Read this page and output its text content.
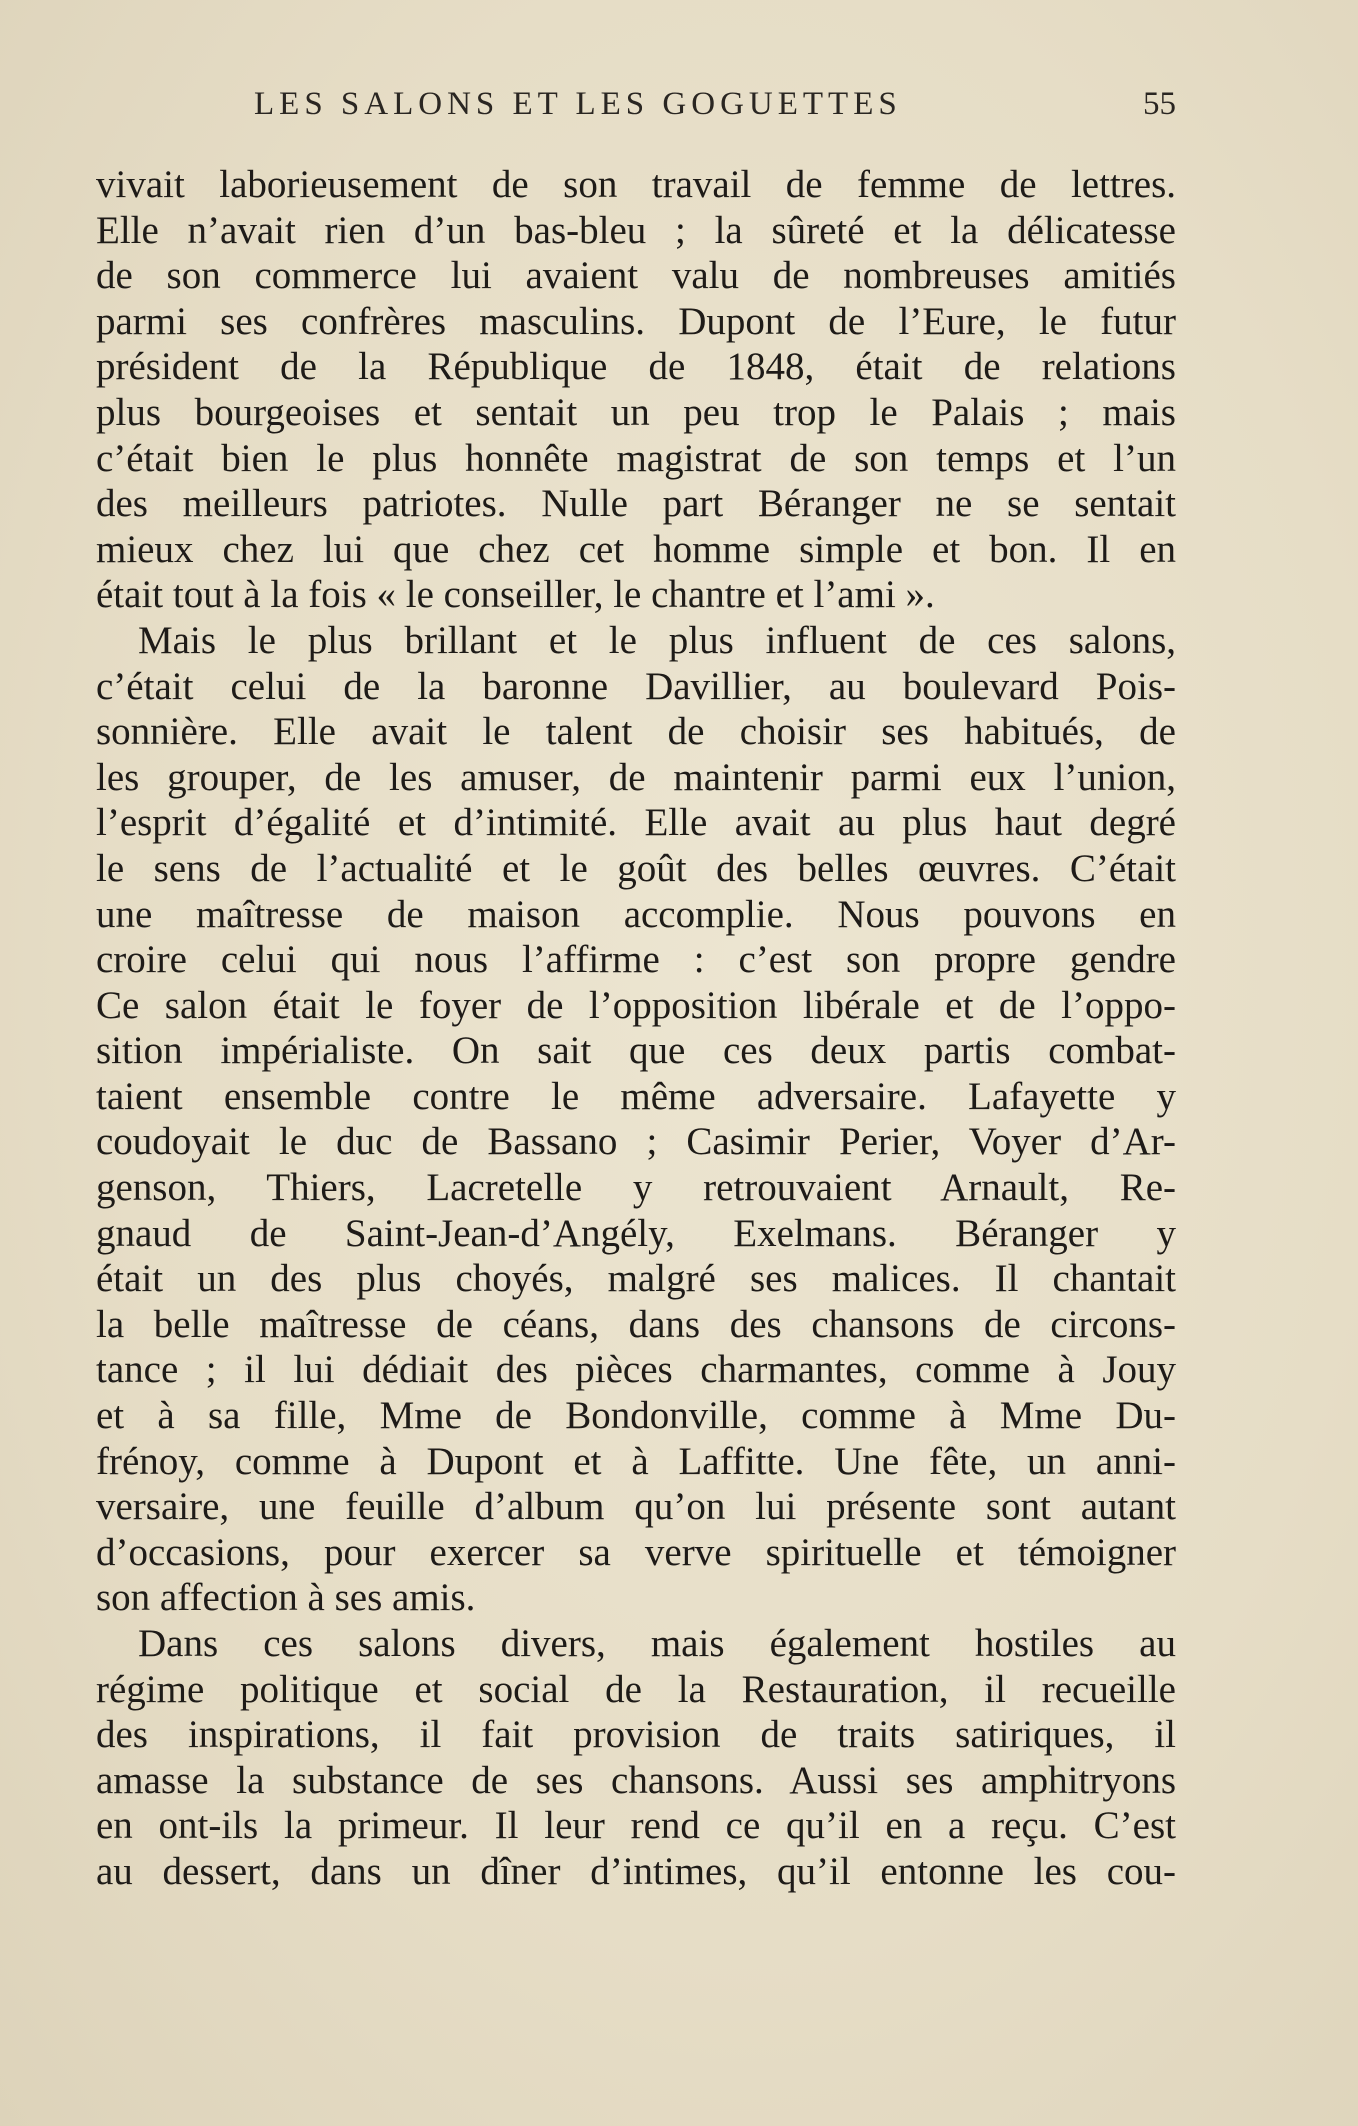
LES SALONS ET LES GOGUETTES	55
vivait laborieusement de son travail de femme de lettres.
Elle n’avait rien d’un bas-bleu ; la sûreté et la délicatesse
de son commerce lui avaient valu de nombreuses amitiés
parmi ses confrères masculins. Dupont de l’Eure, le futur
président de la République de 1848, était de relations
plus bourgeoises et sentait un peu trop le Palais ; mais
c’était bien le plus honnête magistrat de son temps et l’un
des meilleurs patriotes. Nulle part Béranger ne se sentait
mieux chez lui que chez cet homme simple et bon. Il en
était tout à la fois « le conseiller, le chantre et l’ami ».
Mais le plus brillant et le plus influent de ces salons,
c’était celui de la baronne Davillier, au boulevard Pois-
sonnière. Elle avait le talent de choisir ses habitués, de
les grouper, de les amuser, de maintenir parmi eux l’union,
l’esprit d’égalité et d’intimité. Elle avait au plus haut degré
le sens de l’actualité et le goût des belles œuvres. C’était
une maîtresse de maison accomplie. Nous pouvons en
croire celui qui nous l’affirme : c’est son propre gendre
Ce salon était le foyer de l’opposition libérale et de l’oppo-
sition impérialiste. On sait que ces deux partis combat-
taient ensemble contre le même adversaire. Lafayette y
coudoyait le duc de Bassano ; Casimir Perier, Voyer d’Ar-
genson, Thiers, Lacretelle y retrouvaient Arnault, Re-
gnaud de Saint-Jean-d’Angély, Exelmans. Béranger y
était un des plus choyés, malgré ses malices. Il chantait
la belle maîtresse de céans, dans des chansons de circons-
tance ; il lui dédiait des pièces charmantes, comme à Jouy
et à sa fille, Mme de Bondonville, comme à Mme Du-
frénoy, comme à Dupont et à Laffitte. Une fête, un anni-
versaire, une feuille d’album qu’on lui présente sont autant
d’occasions, pour exercer sa verve spirituelle et témoigner
son affection à ses amis.
Dans ces salons divers, mais également hostiles au
régime politique et social de la Restauration, il recueille
des inspirations, il fait provision de traits satiriques, il
amasse la substance de ses chansons. Aussi ses amphitryons
en ont-ils la primeur. Il leur rend ce qu’il en a reçu. C’est
au dessert, dans un dîner d’intimes, qu’il entonne les cou-
